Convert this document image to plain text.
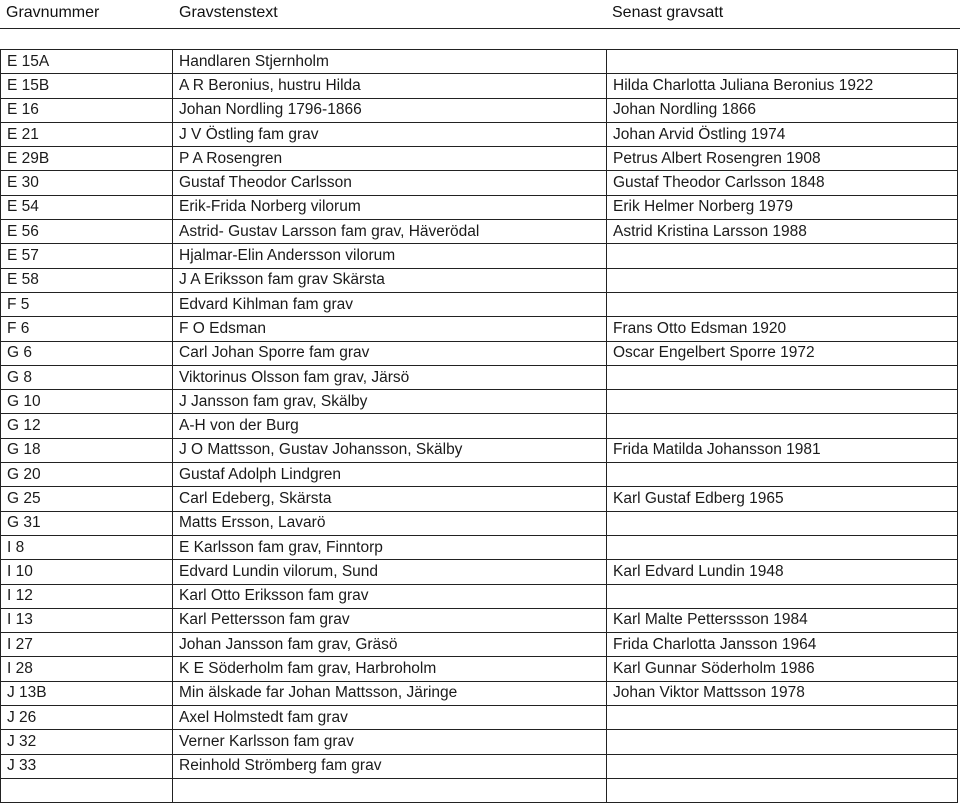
Gravnummer	Gravstenstext	Senast gravsatt
E 15A	Handlaren Stjernholm	
E 15B	A R Beronius, hustru Hilda	Hilda Charlotta Juliana Beronius 1922
E 16	Johan Nordling 1796-1866	Johan Nordling 1866
E 21	J V Östling fam grav	Johan Arvid Östling 1974
E 29B	P A Rosengren	Petrus Albert Rosengren 1908
E 30	Gustaf Theodor Carlsson	Gustaf Theodor Carlsson 1848
E 54	Erik-Frida Norberg vilorum	Erik Helmer Norberg 1979
E 56	Astrid- Gustav Larsson fam grav, Häverödal	Astrid Kristina Larsson 1988
E 57	Hjalmar-Elin Andersson vilorum	
E 58	J A Eriksson fam grav Skärsta	
F 5	Edvard Kihlman fam grav	
F 6	F O Edsman	Frans Otto Edsman 1920
G 6	Carl Johan Sporre fam grav	Oscar Engelbert Sporre 1972
G 8	Viktorinus Olsson fam grav, Järsö	
G 10	J Jansson fam grav, Skälby	
G 12	A-H von der Burg	
G 18	J O Mattsson, Gustav Johansson, Skälby	Frida Matilda Johansson 1981
G 20	Gustaf Adolph Lindgren	
G 25	Carl Edeberg, Skärsta	Karl Gustaf Edberg 1965
G 31	Matts Ersson, Lavarö	
I 8	E Karlsson fam grav, Finntorp	
I 10	Edvard Lundin vilorum, Sund	Karl Edvard Lundin 1948
I 12	Karl Otto Eriksson fam grav	
I 13	Karl Pettersson fam grav	Karl Malte Petterssson 1984
I 27	Johan Jansson fam grav, Gräsö	Frida Charlotta Jansson 1964
I 28	K E Söderholm fam grav, Harbroholm	Karl Gunnar Söderholm 1986
J 13B	Min älskade far Johan Mattsson, Järinge	Johan Viktor Mattsson 1978
J 26	Axel Holmstedt fam grav	
J 32	Verner Karlsson fam grav	
J 33	Reinhold Strömberg fam grav	
